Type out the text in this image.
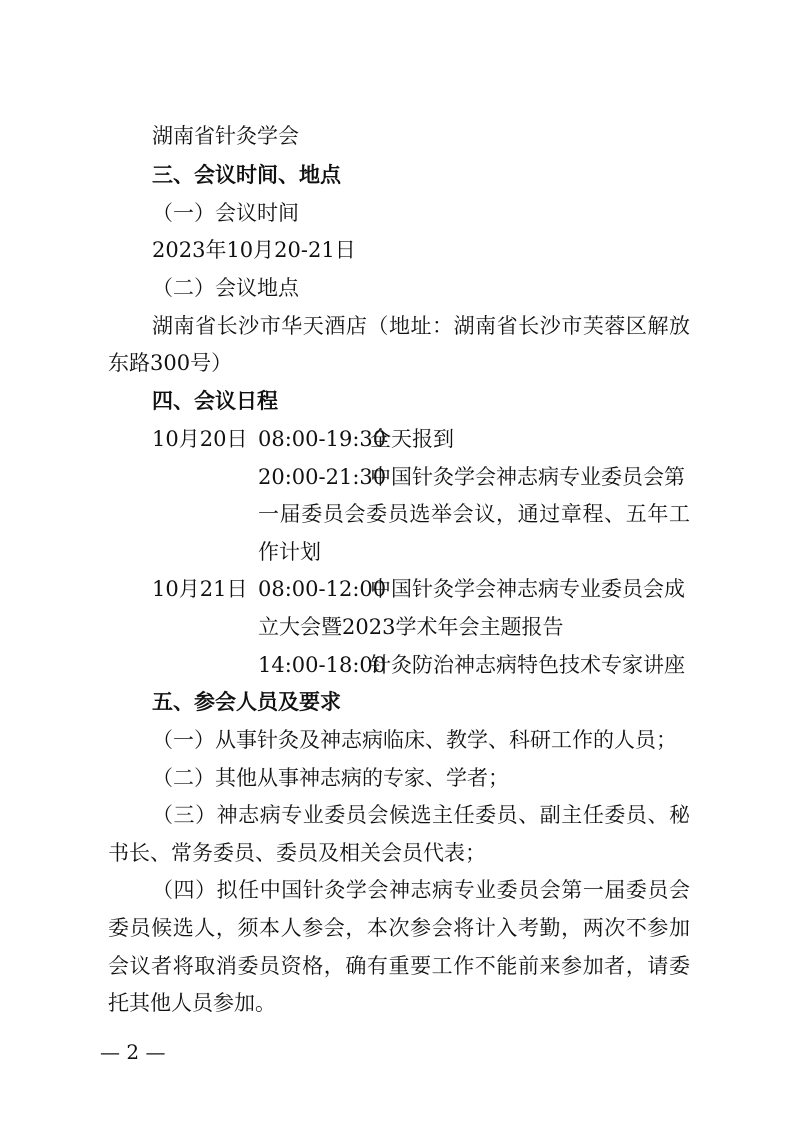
湖南省针灸学会
三、会议时间、地点
（一）会议时间
2023年10月20-21日
（二）会议地点
湖南省长沙市华天酒店（地址：湖南省长沙市芙蓉区解放
东路300号）
四、会议日程
10月20日 08:00-19:30
全天报到
20:00-21:30
中国针灸学会神志病专业委员会第
一届委员会委员选举会议，通过章程、五年工
作计划
10月21日 08:00-12:00
中国针灸学会神志病专业委员会成
立大会暨2023学术年会主题报告
14:00-18:00
针灸防治神志病特色技术专家讲座
五、参会人员及要求
（一）从事针灸及神志病临床、教学、科研工作的人员；
（二）其他从事神志病的专家、学者；
（三）神志病专业委员会候选主任委员、副主任委员、秘
书长、常务委员、委员及相关会员代表；
（四）拟任中国针灸学会神志病专业委员会第一届委员会
委员候选人，须本人参会，本次参会将计入考勤，两次不参加
会议者将取消委员资格，确有重要工作不能前来参加者，请委
托其他人员参加。
— 2 —
